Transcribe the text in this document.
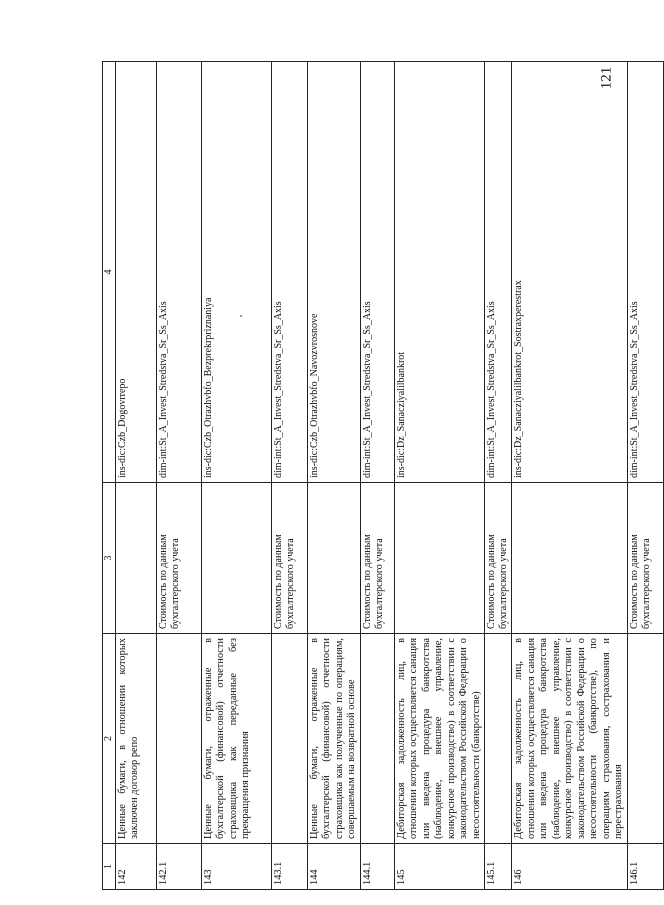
121
1	2	3	4
142	Ценные бумаги, в отношении которых заключен договор репо		ins-dic:Czb_Dogovrrepo
142.1		Стоимость по данным бухгалтерского учета	dim-int:St_A_Invest_Stredstva_Sr_Ss_Axis
143	Ценные бумаги, отраженные в бухгалтерской (финансовой) отчетности страховщика как переданные без прекращения признания		ins-dic:Czb_Otrazhvbfo_Bezprekrpriznaniya
143.1		Стоимость по данным бухгалтерского учета	dim-int:St_A_Invest_Stredstva_Sr_Ss_Axis
144	Ценные бумаги, отраженные в бухгалтерской (финансовой) отчетности страховщика как полученные по операциям, совершаемым на возвратной основе		ins-dic:Czb_Otrazhvbfo_Navozvrosnove
144.1		Стоимость по данным бухгалтерского учета	dim-int:St_A_Invest_Stredstva_Sr_Ss_Axis
145	Дебиторская задолженность лиц, в отношении которых осуществляется санация или введена процедура банкротства (наблюдение, внешнее управление, конкурсное производство) в соответствии с законодательством Российской Федерации о несостоятельности (банкротстве)		ins-dic:Dz_Sanacziyalilbankrot
145.1		Стоимость по данным бухгалтерского учета	dim-int:St_A_Invest_Stredstva_Sr_Ss_Axis
146	Дебиторская задолженность лиц, в отношении которых осуществляется санация или введена процедура банкротства (наблюдение, внешнее управление, конкурсное производство) в соответствии с законодательством Российской Федерации о несостоятельности (банкротстве), по операциям страхования, сострахования и перестрахования		ins-dic:Dz_Sanacziyalilbankrot_Sostraxperestrax
146.1		Стоимость по данным бухгалтерского учета	dim-int:St_A_Invest_Stredstva_Sr_Ss_Axis
